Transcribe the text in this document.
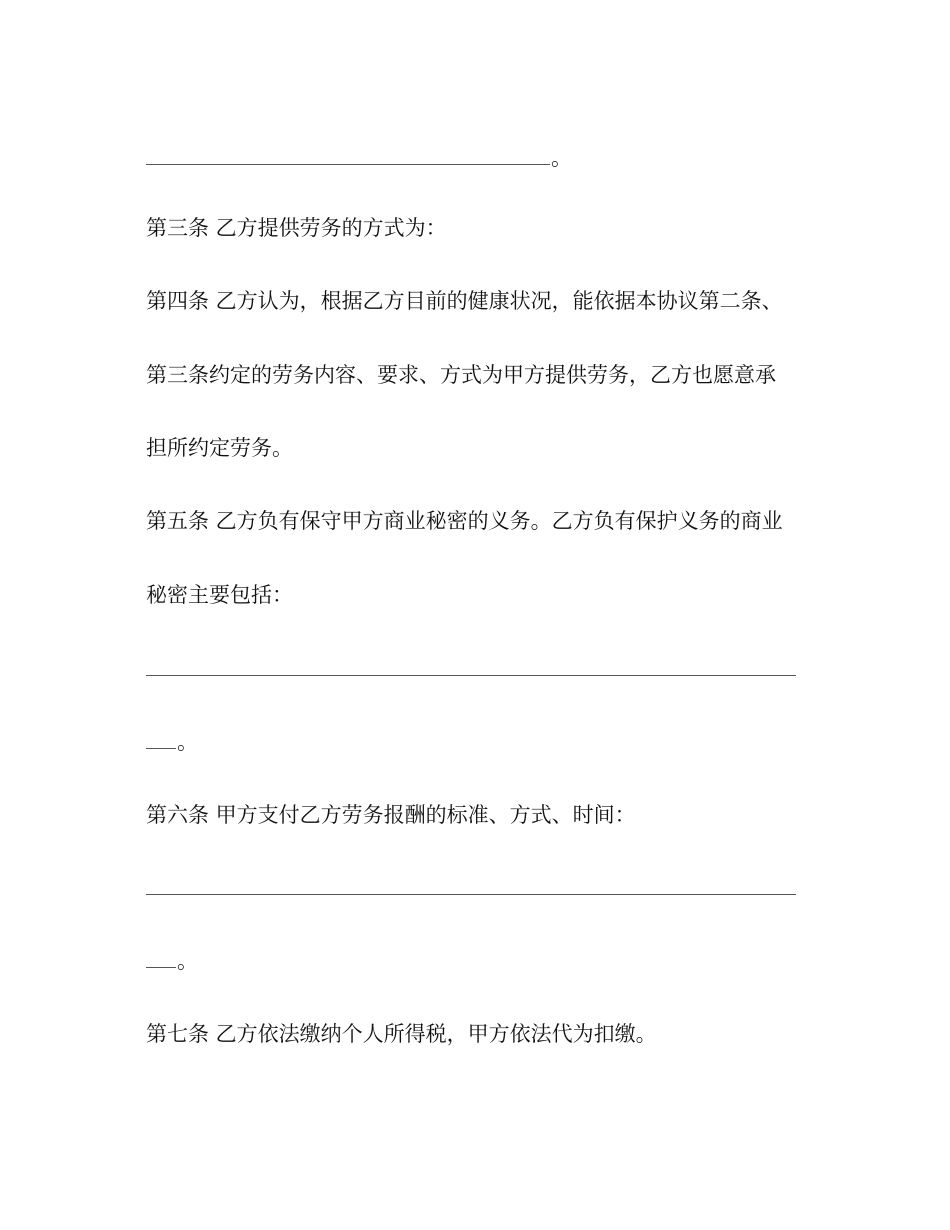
。
第三条 乙方提供劳务的方式为：
第四条 乙方认为，根据乙方目前的健康状况，能依据本协议第二条、
第三条约定的劳务内容、要求、方式为甲方提供劳务，乙方也愿意承
担所约定劳务。
第五条 乙方负有保守甲方商业秘密的义务。乙方负有保护义务的商业
秘密主要包括：
。
第六条 甲方支付乙方劳务报酬的标准、方式、时间：
。
第七条 乙方依法缴纳个人所得税，甲方依法代为扣缴。
